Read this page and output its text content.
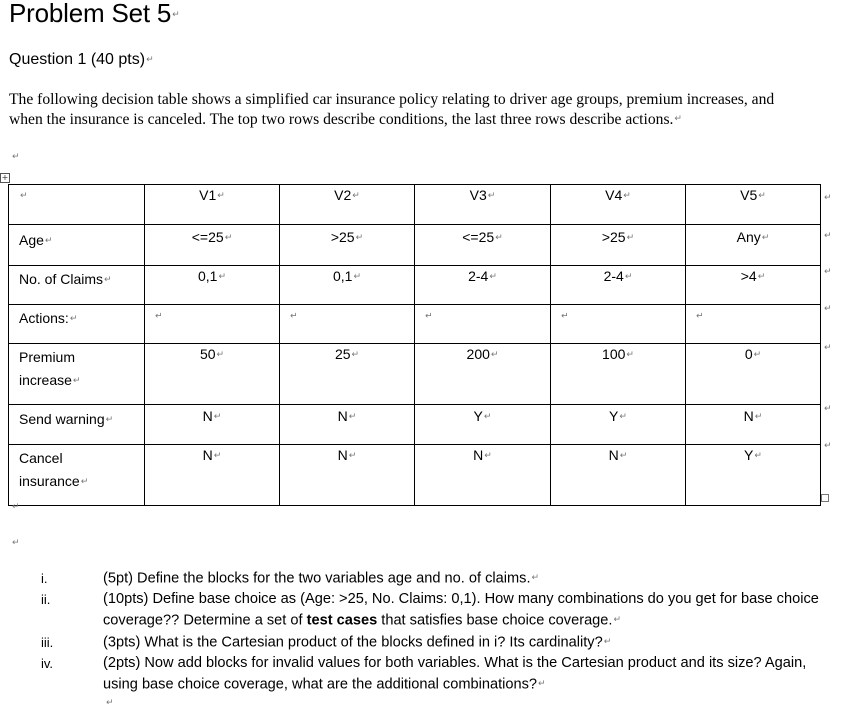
Problem Set 5↵
Question 1 (40 pts)↵
The following decision table shows a simplified car insurance policy relating to driver age groups, premium increases, and when the insurance is canceled. The top two rows describe conditions, the last three rows describe actions.↵
↵
+
↵	V1↵	V2↵	V3↵	V4↵	V5↵
Age↵	<=25↵	>25↵	<=25↵	>25↵	Any↵
No. of Claims↵	0,1↵	0,1↵	2-4↵	2-4↵	>4↵
Actions:↵	↵	↵	↵	↵	↵
Premium
increase↵	50↵	25↵	200↵	100↵	0↵
Send warning↵	N↵	N↵	Y↵	Y↵	N↵
Cancel
insurance↵	N↵	N↵	N↵	N↵	Y↵
↵
↵
↵
↵
↵
↵
↵
↵
↵
i.	(5pt) Define the blocks for the two variables age and no. of claims.↵
ii.	(10pts) Define base choice as (Age: >25, No. Claims: 0,1). How many combinations do you get for base choice coverage?? Determine a set of test cases that satisfies base choice coverage.↵
iii.	(3pts) What is the Cartesian product of the blocks defined in i? Its cardinality?↵
iv.	(2pts) Now add blocks for invalid values for both variables. What is the Cartesian product and its size? Again, using base choice coverage, what are the additional combinations?↵
↵
